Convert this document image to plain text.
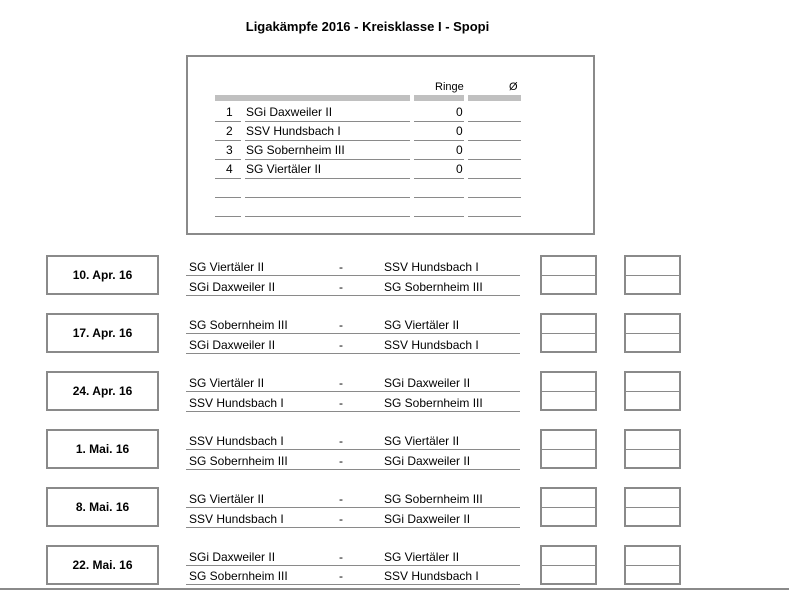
Ligakämpfe 2016 - Kreisklasse I - Spopi
Ringe	Ø
1 SGi Daxweiler II	0
2 SSV Hundsbach I	0
3 SG Sobernheim III	0
4 SG Viertäler II	0
10. Apr. 16
SG Viertäler II	-	SSV Hundsbach I
SGi Daxweiler II	-	SG Sobernheim III
17. Apr. 16
SG Sobernheim III	-	SG Viertäler II
SGi Daxweiler II	-	SSV Hundsbach I
24. Apr. 16
SG Viertäler II	-	SGi Daxweiler II
SSV Hundsbach I	-	SG Sobernheim III
1. Mai. 16
SSV Hundsbach I	-	SG Viertäler II
SG Sobernheim III	-	SGi Daxweiler II
8. Mai. 16
SG Viertäler II	-	SG Sobernheim III
SSV Hundsbach I	-	SGi Daxweiler II
22. Mai. 16
SGi Daxweiler II	-	SG Viertäler II
SG Sobernheim III	-	SSV Hundsbach I
